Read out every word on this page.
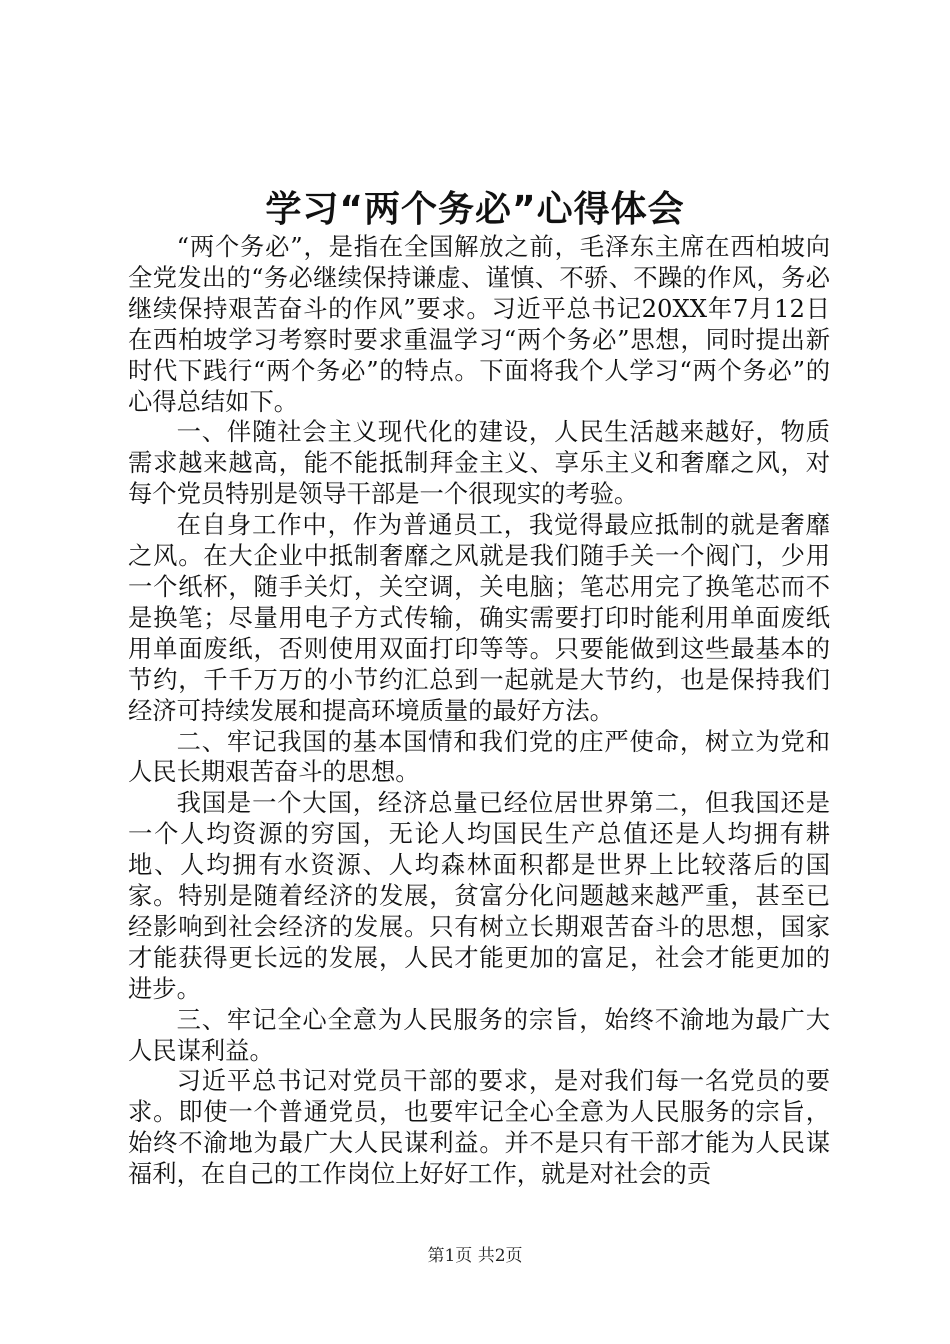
学习“两个务必”心得体会

“两个务必”，是指在全国解放之前，毛泽东主席在西柏坡向全党发出的“务必继续保持谦虚、谨慎、不骄、不躁的作风，务必继续保持艰苦奋斗的作风”要求。习近平总书记20XX年7月12日在西柏坡学习考察时要求重温学习“两个务必”思想，同时提出新时代下践行“两个务必”的特点。下面将我个人学习“两个务必”的心得总结如下。

一、伴随社会主义现代化的建设，人民生活越来越好，物质需求越来越高，能不能抵制拜金主义、享乐主义和奢靡之风，对每个党员特别是领导干部是一个很现实的考验。

在自身工作中，作为普通员工，我觉得最应抵制的就是奢靡之风。在大企业中抵制奢靡之风就是我们随手关一个阀门，少用一个纸杯，随手关灯，关空调，关电脑；笔芯用完了换笔芯而不是换笔；尽量用电子方式传输，确实需要打印时能利用单面废纸用单面废纸，否则使用双面打印等等。只要能做到这些最基本的节约，千千万万的小节约汇总到一起就是大节约，也是保持我们经济可持续发展和提高环境质量的最好方法。

二、牢记我国的基本国情和我们党的庄严使命，树立为党和人民长期艰苦奋斗的思想。

我国是一个大国，经济总量已经位居世界第二，但我国还是一个人均资源的穷国，无论人均国民生产总值还是人均拥有耕地、人均拥有水资源、人均森林面积都是世界上比较落后的国家。特别是随着经济的发展，贫富分化问题越来越严重，甚至已经影响到社会经济的发展。只有树立长期艰苦奋斗的思想，国家才能获得更长远的发展，人民才能更加的富足，社会才能更加的进步。

三、牢记全心全意为人民服务的宗旨，始终不渝地为最广大人民谋利益。

习近平总书记对党员干部的要求，是对我们每一名党员的要求。即使一个普通党员，也要牢记全心全意为人民服务的宗旨，始终不渝地为最广大人民谋利益。并不是只有干部才能为人民谋福利，在自己的工作岗位上好好工作，就是对社会的贡

第1页 共2页
